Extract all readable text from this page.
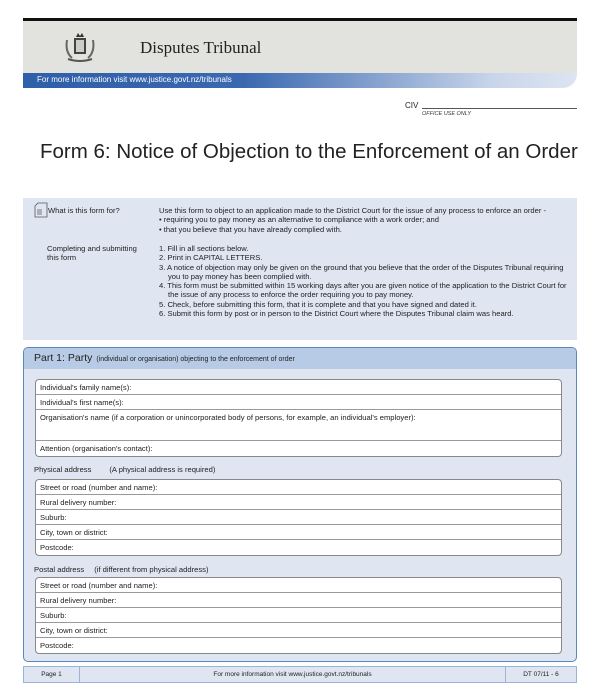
Disputes Tribunal
For more information visit www.justice.govt.nz/tribunals
CIV
OFFICE USE ONLY
Form 6: Notice of Objection to the Enforcement of an Order
What is this form for?	Use this form to object to an application made to the District Court for the issue of any process to enforce an order -
• requiring you to pay money as an alternative to compliance with a work order; and
• that you believe that you have already complied with.
Completing and submitting this form
1. Fill in all sections below.
2. Print in CAPITAL LETTERS.
3. A notice of objection may only be given on the ground that you believe that the order of the Disputes Tribunal requiring you to pay money has been complied with.
4. This form must be submitted within 15 working days after you are given notice of the application to the District Court for the issue of any process to enforce the order requiring you to pay money.
5. Check, before submitting this form, that it is complete and that you have signed and dated it.
6. Submit this form by post or in person to the District Court where the Disputes Tribunal claim was heard.
Part 1: Party (individual or organisation) objecting to the enforcement of order
Individual's family name(s):
Individual's first name(s):
Organisation's name (if a corporation or unincorporated body of persons, for example, an individual's employer):
Attention (organisation's contact):
Physical address (A physical address is required)
Street or road (number and name):
Rural delivery number:
Suburb:
City, town or district:
Postcode:
Postal address (if different from physical address)
Street or road (number and name):
Rural delivery number:
Suburb:
City, town or district:
Postcode:
Page 1	For more information visit www.justice.govt.nz/tribunals	DT 07/11 - 6
